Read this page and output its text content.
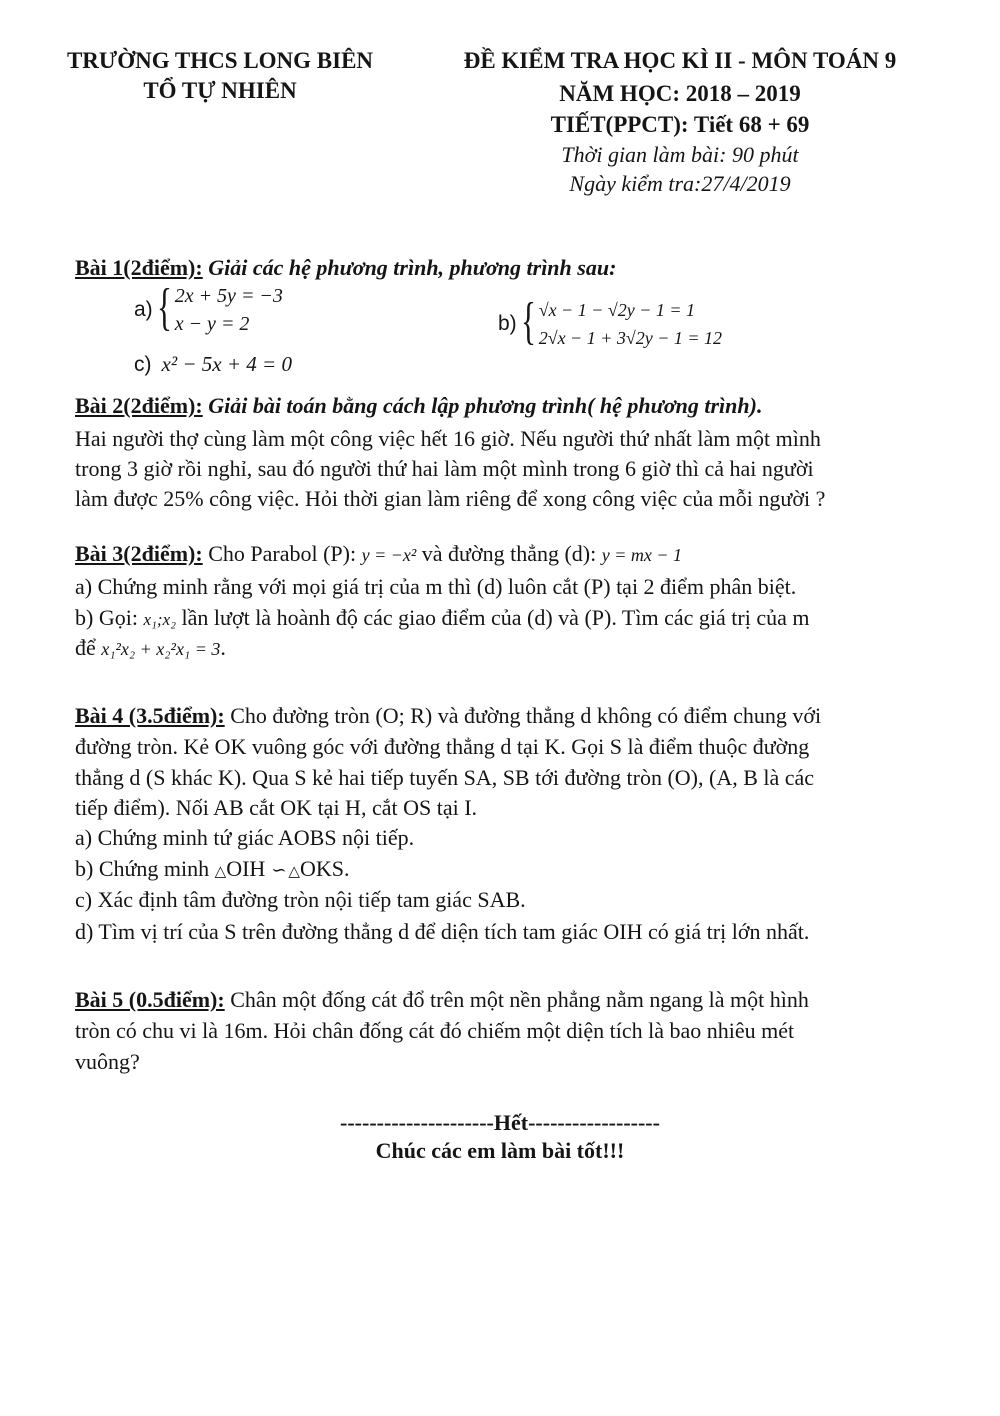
TRƯỜNG THCS LONG BIÊN
TỔ TỰ NHIÊN
ĐỀ KIỂM TRA HỌC KÌ II - MÔN TOÁN 9
NĂM HỌC: 2018 – 2019
TIẾT(PPCT): Tiết 68 + 69
Thời gian làm bài: 90 phút
Ngày kiểm tra:27/4/2019
Bài 1(2điểm): Giải các hệ phương trình, phương trình sau:
a) { 2x + 5y = −3
x − y = 2	b) { √x − 1 − √2y − 1 = 1
2√x − 1 + 3√2y − 1 = 12
c) x² − 5x + 4 = 0
Bài 2(2điểm): Giải bài toán bằng cách lập phương trình( hệ phương trình).
Hai người thợ cùng làm một công việc hết 16 giờ. Nếu người thứ nhất làm một mình
trong 3 giờ rồi nghỉ, sau đó người thứ hai làm một mình trong 6 giờ thì cả hai người
làm được 25% công việc. Hỏi thời gian làm riêng để xong công việc của mỗi người ?
Bài 3(2điểm): Cho Parabol (P): y = −x² và đường thẳng (d): y = mx − 1
a) Chứng minh rằng với mọi giá trị của m thì (d) luôn cắt (P) tại 2 điểm phân biệt.
b) Gọi: x₁;x₂ lần lượt là hoành độ các giao điểm của (d) và (P). Tìm các giá trị của m
để x₁²x₂ + x₂²x₁ = 3.
Bài 4 (3.5điểm): Cho đường tròn (O; R) và đường thẳng d không có điểm chung với
đường tròn. Kẻ OK vuông góc với đường thẳng d tại K. Gọi S là điểm thuộc đường
thẳng d (S khác K). Qua S kẻ hai tiếp tuyến SA, SB tới đường tròn (O), (A, B là các
tiếp điểm). Nối AB cắt OK tại H, cắt OS tại I.
a) Chứng minh tứ giác AOBS nội tiếp.
b) Chứng minh △OIH ∽ △OKS.
c) Xác định tâm đường tròn nội tiếp tam giác SAB.
d) Tìm vị trí của S trên đường thẳng d để diện tích tam giác OIH có giá trị lớn nhất.
Bài 5 (0.5điểm): Chân một đống cát đổ trên một nền phẳng nằm ngang là một hình
tròn có chu vi là 16m. Hỏi chân đống cát đó chiếm một diện tích là bao nhiêu mét
vuông?
---------------------Hết------------------
Chúc các em làm bài tốt!!!
